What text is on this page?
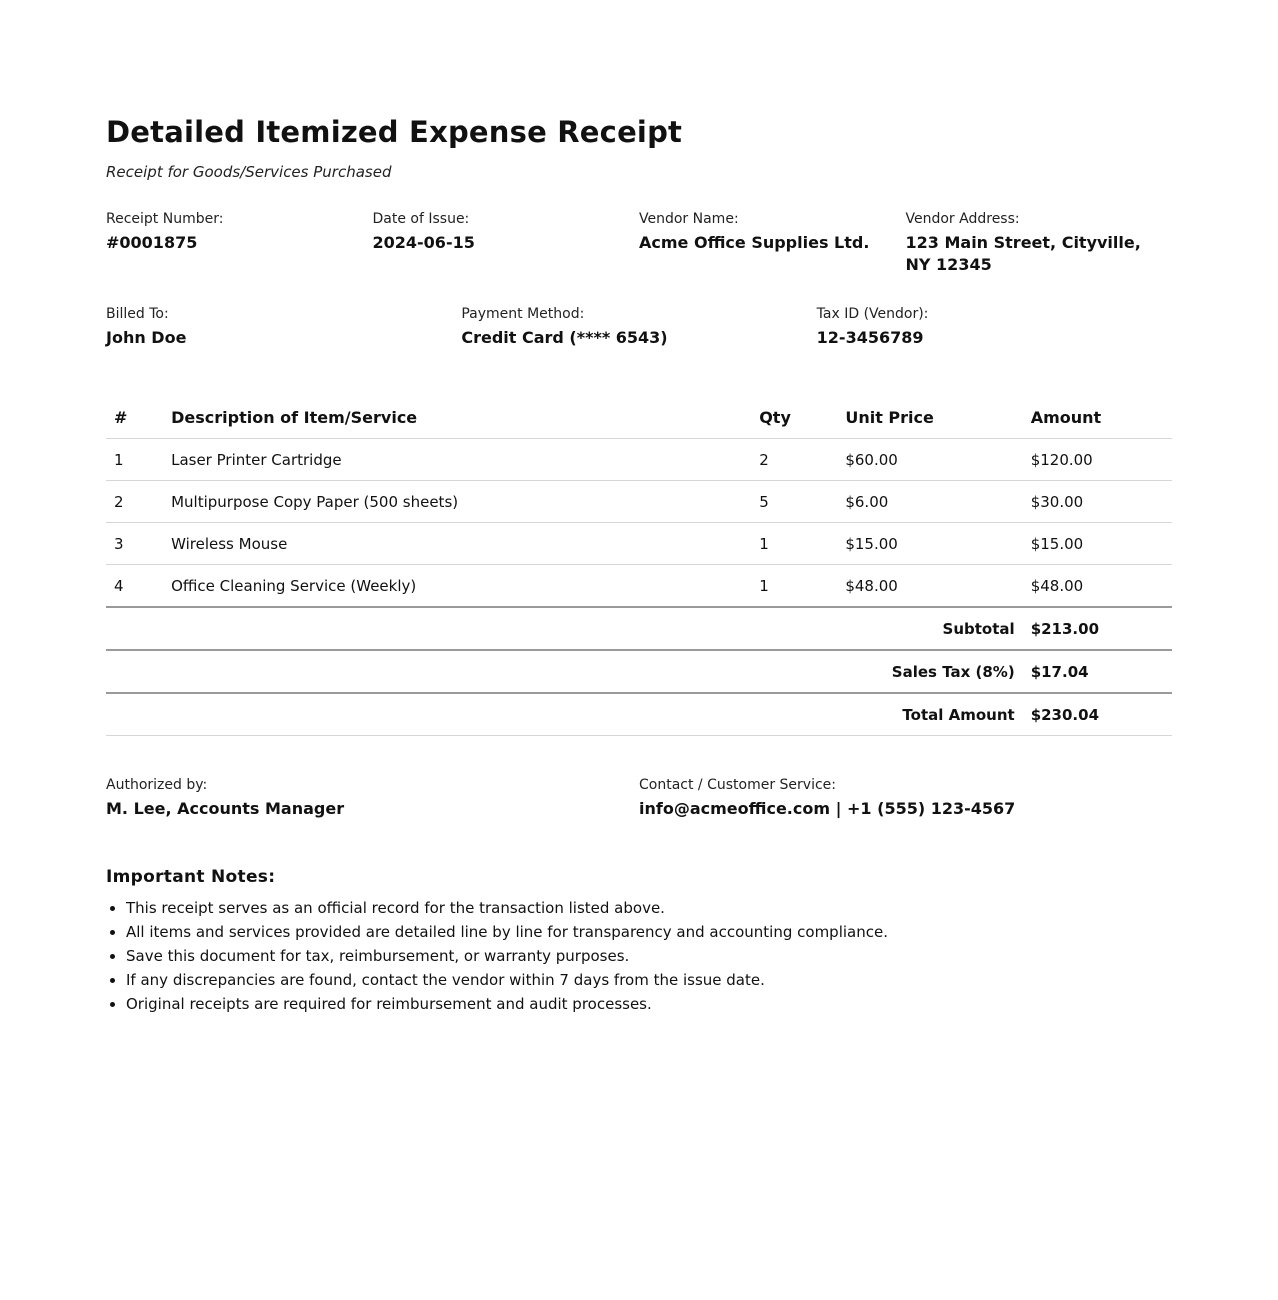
Detailed Itemized Expense Receipt
Receipt for Goods/Services Purchased
Receipt Number:
#0001875
Date of Issue:
2024-06-15
Vendor Name:
Acme Office Supplies Ltd.
Vendor Address:
123 Main Street, Cityville, NY 12345
Billed To:
John Doe
Payment Method:
Credit Card (**** 6543)
Tax ID (Vendor):
12-3456789
#	Description of Item/Service	Qty	Unit Price	Amount
1	Laser Printer Cartridge	2	$60.00	$120.00
2	Multipurpose Copy Paper (500 sheets)	5	$6.00	$30.00
3	Wireless Mouse	1	$15.00	$15.00
4	Office Cleaning Service (Weekly)	1	$48.00	$48.00
Subtotal				$213.00
Sales Tax (8%)				$17.04
Total Amount				$230.04
Authorized by:
M. Lee, Accounts Manager
Contact / Customer Service:
info@acmeoffice.com | +1 (555) 123-4567
Important Notes:
• This receipt serves as an official record for the transaction listed above.
• All items and services provided are detailed line by line for transparency and accounting compliance.
• Save this document for tax, reimbursement, or warranty purposes.
• If any discrepancies are found, contact the vendor within 7 days from the issue date.
• Original receipts are required for reimbursement and audit processes.
